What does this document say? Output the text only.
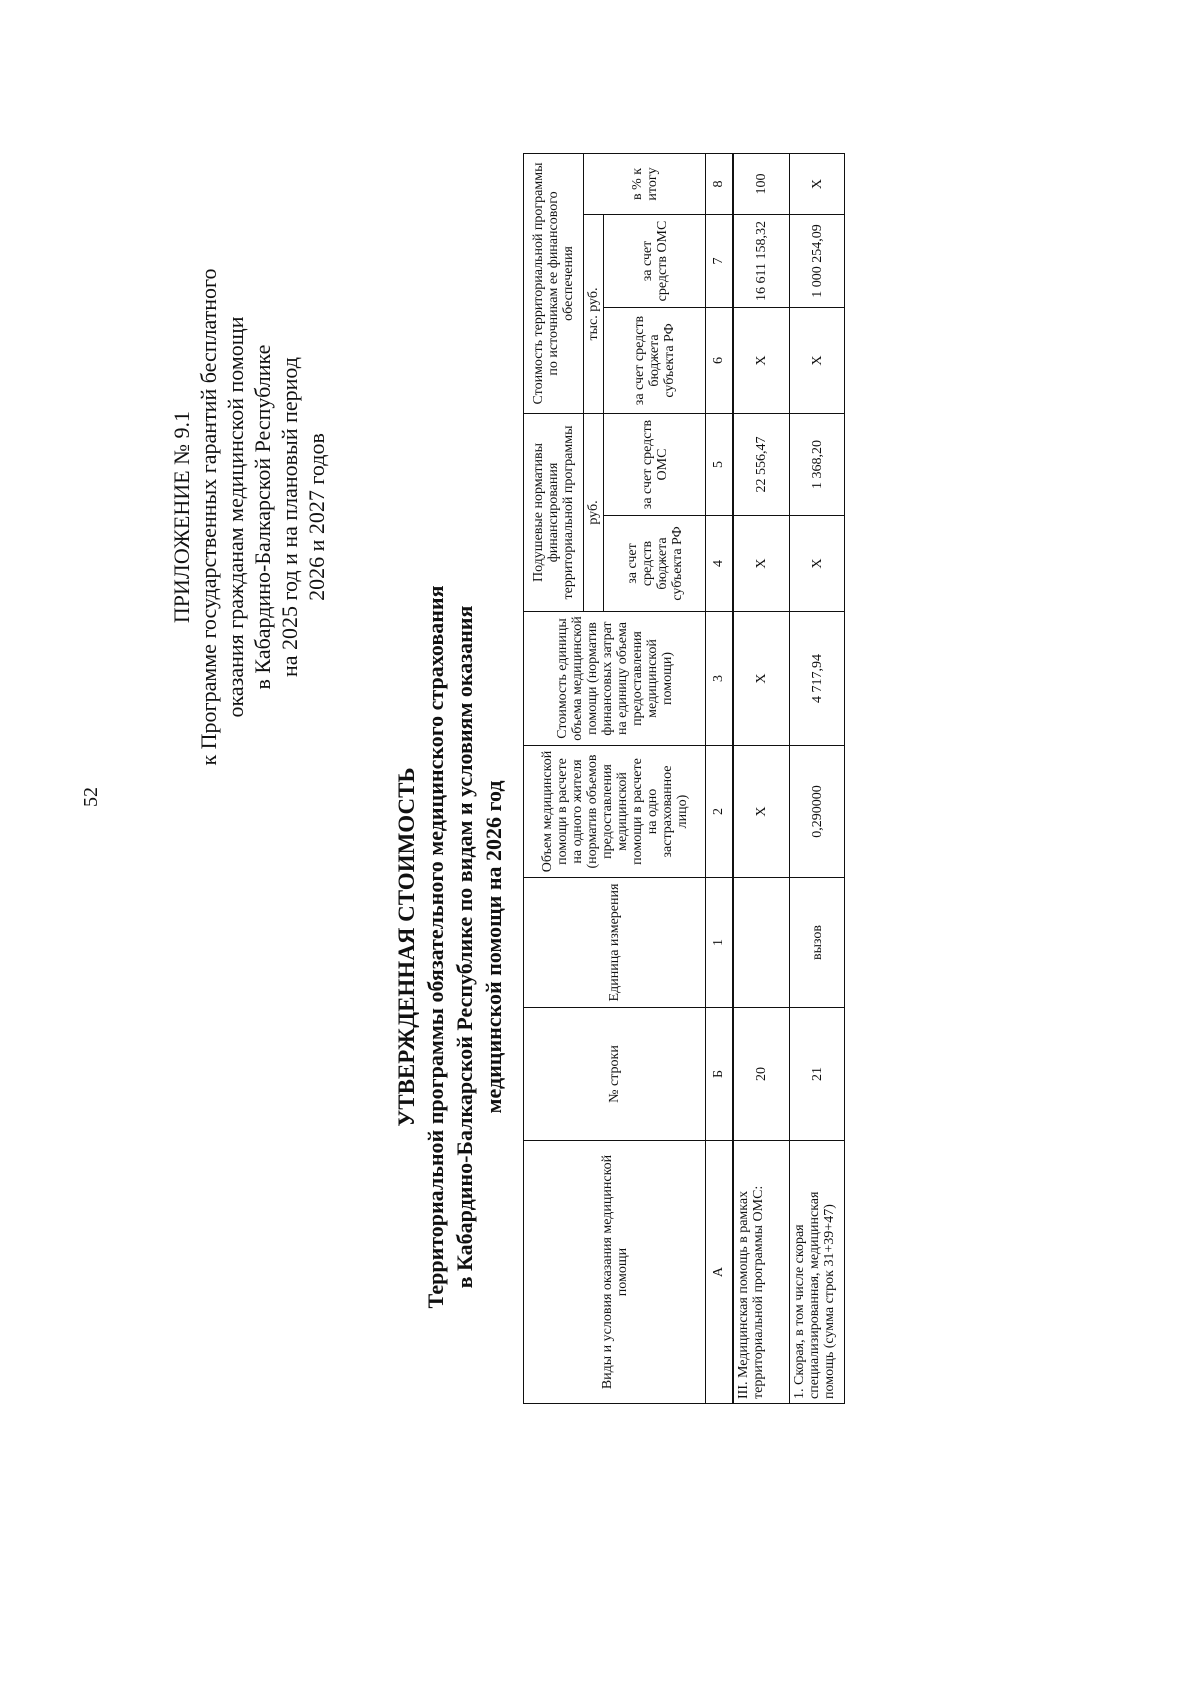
52
ПРИЛОЖЕНИЕ № 9.1 к Программе государственных гарантий бесплатного оказания гражданам медицинской помощи в Кабардино-Балкарской Республике на 2025 год и на плановый период 2026 и 2027 годов
УТВЕРЖДЕННАЯ СТОИМОСТЬ Территориальной программы обязательного медицинского страхования в Кабардино-Балкарской Республике по видам и условиям оказания медицинской помощи на 2026 год
Виды и условия оказания медицинской помощи	№ строки	Единица измерения	Объем медицинской помощи в расчете на одного жителя (норматив объемов предоставления медицинской помощи в расчете на одно застрахованное лицо)	Стоимость единицы объема медицинской помощи (норматив финансовых затрат на единицу объема предоставления медицинской помощи)	Подушевые нормативы финансирования территориальной программы		Стоимость территориальной программы по источникам ее финансового обеспечения		
					руб.		тыс. руб.		в % к итогу
					за счет средств бюджета субъекта РФ	за счет средств ОМС	за счет средств бюджета субъекта РФ	за счет средств ОМС	
А	Б	1	2	3	4	5	6	7	8
III. Медицинская помощь в рамках территориальной программы ОМС:	20		X	X	X	22 556,47	X	16 611 158,32	100
1. Скорая, в том числе скорая специализированная, медицинская помощь (сумма строк 31+39+47)	21	вызов	0,290000	4 717,94	X	1 368,20	X	1 000 254,09	X
